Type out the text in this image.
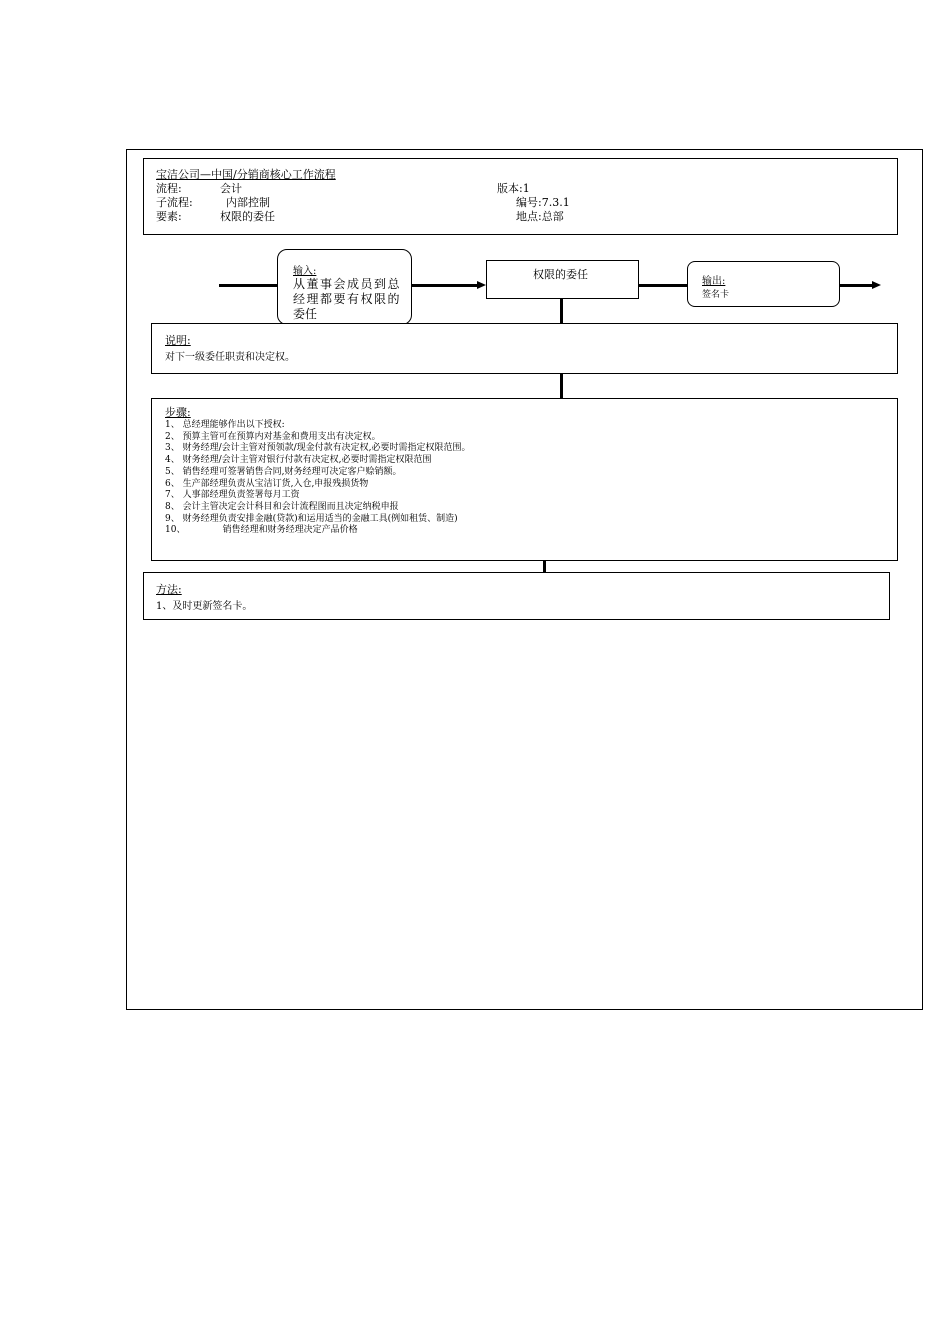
宝洁公司—中国/分销商核心工作流程
流程:	会计
子流程:	内部控制
要素:	权限的委任
版本:1
编号:7.3.1
地点:总部
输入:
从董事会成员到总
经理都要有权限的
委任
权限的委任
输出:
签名卡
说明:
对下一级委任职责和决定权。
步骤:
1、 总经理能够作出以下授权:
2、 预算主管可在预算内对基金和费用支出有决定权。
3、 财务经理/会计主管对预领款/现金付款有决定权,必要时需指定权限范围。
4、 财务经理/会计主管对银行付款有决定权,必要时需指定权限范围
5、 销售经理可签署销售合同,财务经理可决定客户赊销额。
6、 生产部经理负责从宝洁订货,入仓,申报残损货物
7、 人事部经理负责签署每月工资
8、 会计主管决定会计科目和会计流程图而且决定纳税申报
9、 财务经理负责安排金融(贷款)和运用适当的金融工具(例如租赁、制造)
10、             销售经理和财务经理决定产品价格
方法:
1、及时更新签名卡。
